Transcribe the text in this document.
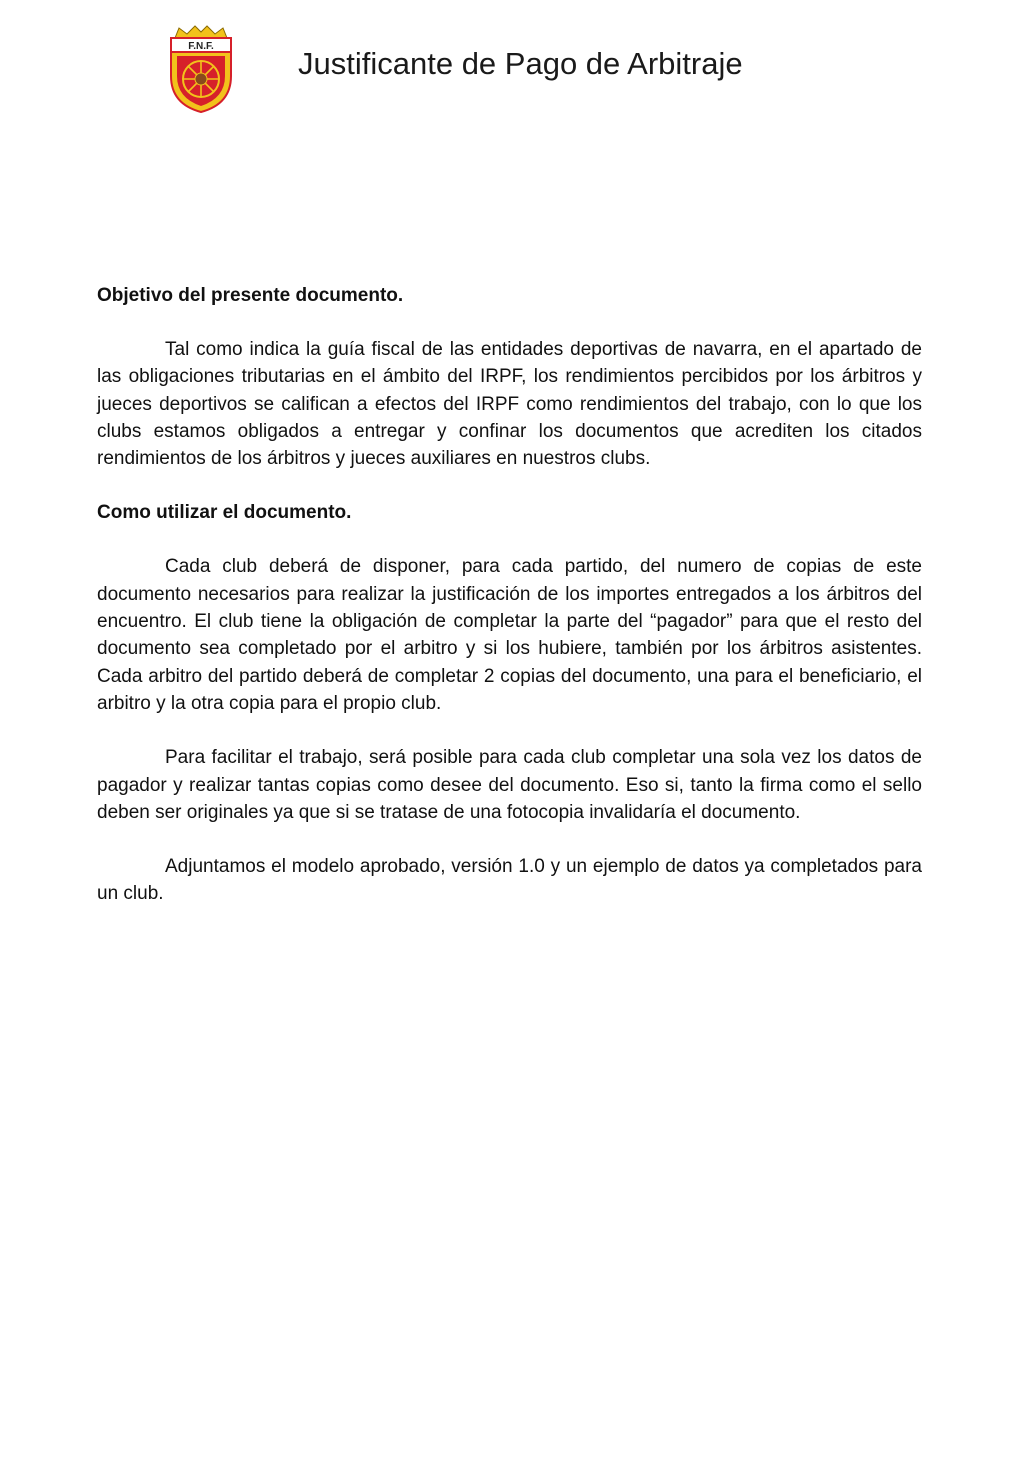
F.N.F.	Justificante de Pago de Arbitraje

Objetivo del presente documento.

Tal como indica la guía fiscal de las entidades deportivas de navarra, en el apartado de las obligaciones tributarias en el ámbito del IRPF, los rendimientos percibidos por los árbitros y jueces deportivos se califican a efectos del IRPF como rendimientos del trabajo, con lo que los clubs estamos obligados a entregar y confinar los documentos que acrediten los citados rendimientos de los árbitros y jueces auxiliares en nuestros clubs.

Como utilizar el documento.

Cada club deberá de disponer, para cada partido, del numero de copias de este documento necesarios para realizar la justificación de los importes entregados a los árbitros del encuentro. El club tiene la obligación de completar la parte del “pagador” para que el resto del documento sea completado por el arbitro y si los hubiere, también por los árbitros asistentes. Cada arbitro del partido deberá de completar 2 copias del documento, una para el beneficiario, el arbitro y la otra copia para el propio club.

Para facilitar el trabajo, será posible para cada club completar una sola vez los datos de pagador y realizar tantas copias como desee del documento. Eso si, tanto la firma como el sello deben ser originales ya que si se tratase de una fotocopia invalidaría el documento.

Adjuntamos el modelo aprobado, versión 1.0 y un ejemplo de datos ya completados para un club.
